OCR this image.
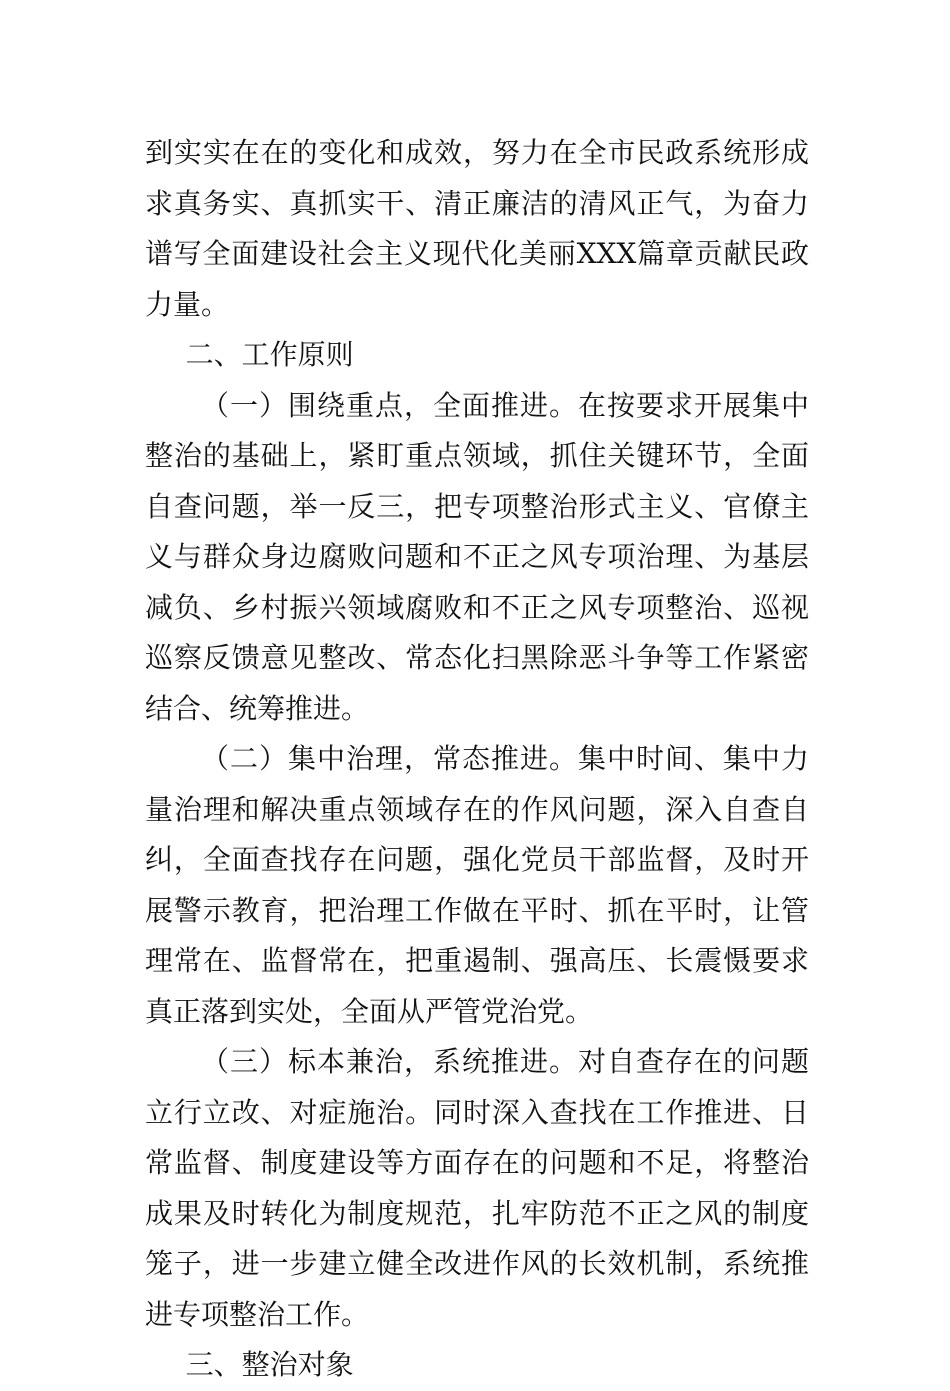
到实实在在的变化和成效，努力在全市民政系统形成求真务实、真抓实干、清正廉洁的清风正气，为奋力谱写全面建设社会主义现代化美丽XXX篇章贡献民政力量。

二、工作原则

（一）围绕重点，全面推进。在按要求开展集中整治的基础上，紧盯重点领域，抓住关键环节，全面自查问题，举一反三，把专项整治形式主义、官僚主义与群众身边腐败问题和不正之风专项治理、为基层减负、乡村振兴领域腐败和不正之风专项整治、巡视巡察反馈意见整改、常态化扫黑除恶斗争等工作紧密结合、统筹推进。

（二）集中治理，常态推进。集中时间、集中力量治理和解决重点领域存在的作风问题，深入自查自纠，全面查找存在问题，强化党员干部监督，及时开展警示教育，把治理工作做在平时、抓在平时，让管理常在、监督常在，把重遏制、强高压、长震慑要求真正落到实处，全面从严管党治党。

（三）标本兼治，系统推进。对自查存在的问题立行立改、对症施治。同时深入查找在工作推进、日常监督、制度建设等方面存在的问题和不足，将整治成果及时转化为制度规范，扎牢防范不正之风的制度笼子，进一步建立健全改进作风的长效机制，系统推进专项整治工作。

三、整治对象
